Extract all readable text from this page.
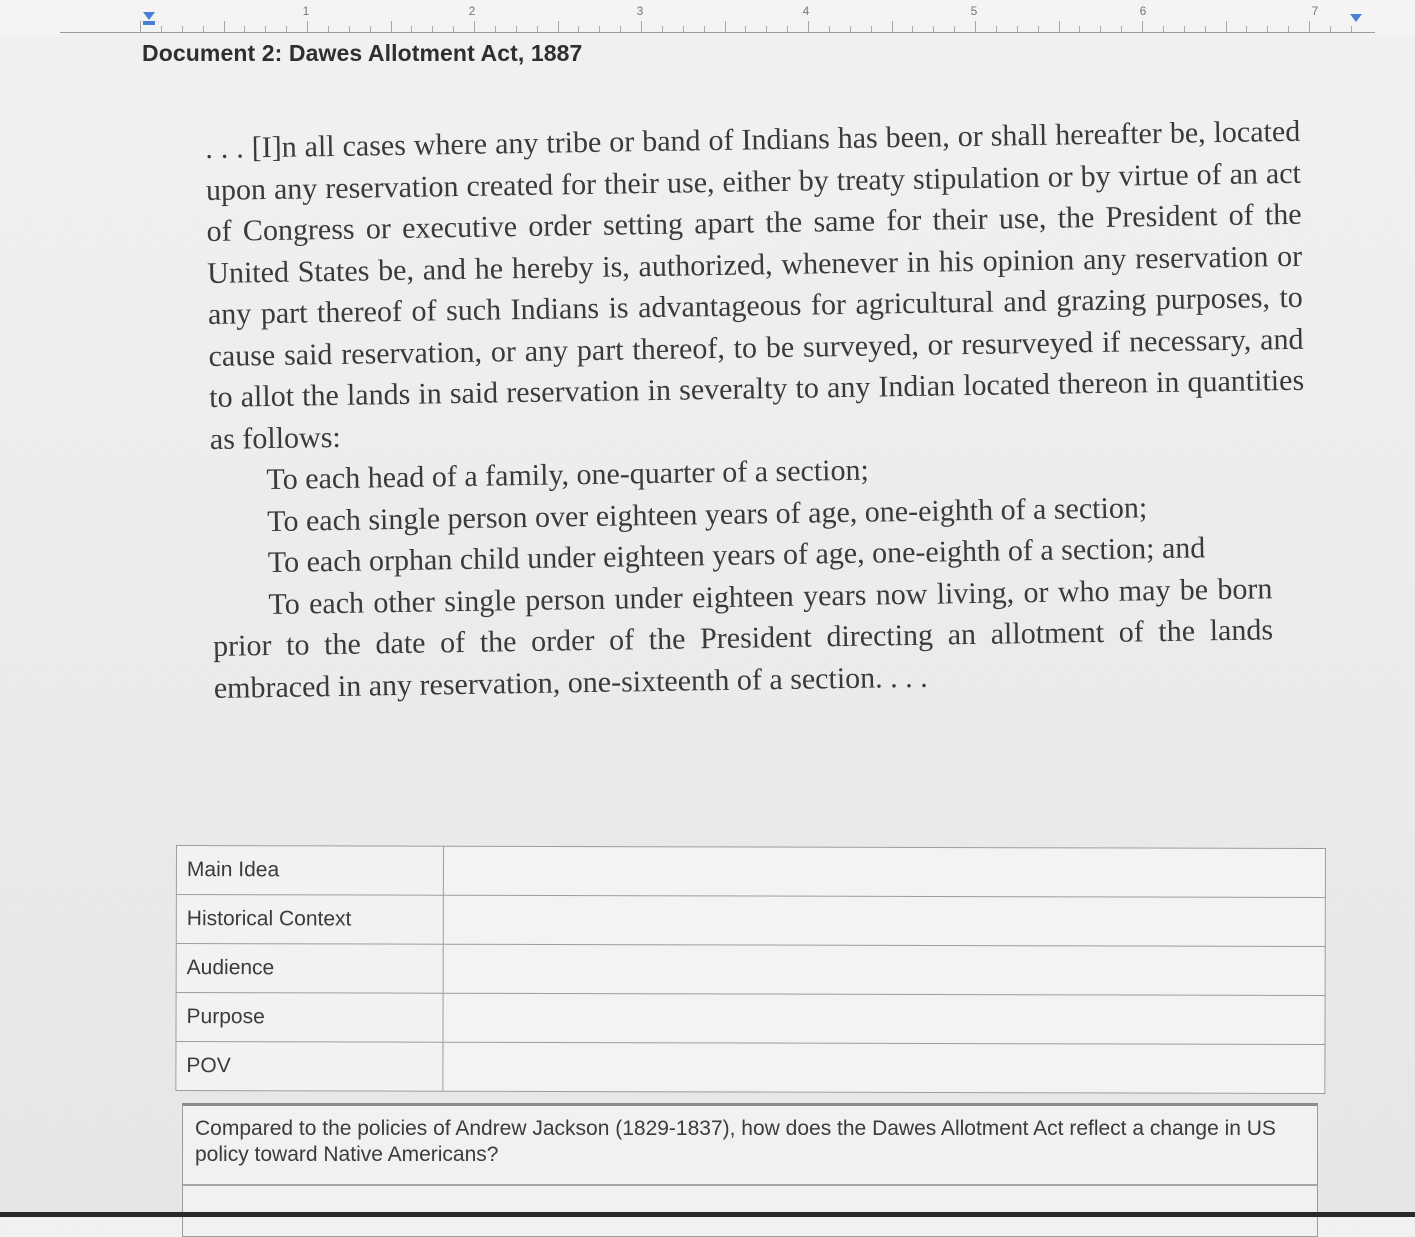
1	2	3	4	5	6	7
Document 2: Dawes Allotment Act, 1887

. . . [I]n all cases where any tribe or band of Indians has been, or shall hereafter be, located upon any reservation created for their use, either by treaty stipulation or by virtue of an act of Congress or executive order setting apart the same for their use, the President of the United States be, and he hereby is, authorized, whenever in his opinion any reservation or any part thereof of such Indians is advantageous for agricultural and grazing purposes, to cause said reservation, or any part thereof, to be surveyed, or resurveyed if necessary, and to allot the lands in said reservation in severalty to any Indian located thereon in quantities as follows:

To each head of a family, one-quarter of a section;

To each single person over eighteen years of age, one-eighth of a section;

To each orphan child under eighteen years of age, one-eighth of a section; and

To each other single person under eighteen years now living, or who may be born prior to the date of the order of the President directing an allotment of the lands embraced in any reservation, one-sixteenth of a section. . . .

Main Idea	
Historical Context	
Audience	
Purpose	
POV	
Compared to the policies of Andrew Jackson (1829-1837), how does the Dawes Allotment Act reflect a change in US policy toward Native Americans?
